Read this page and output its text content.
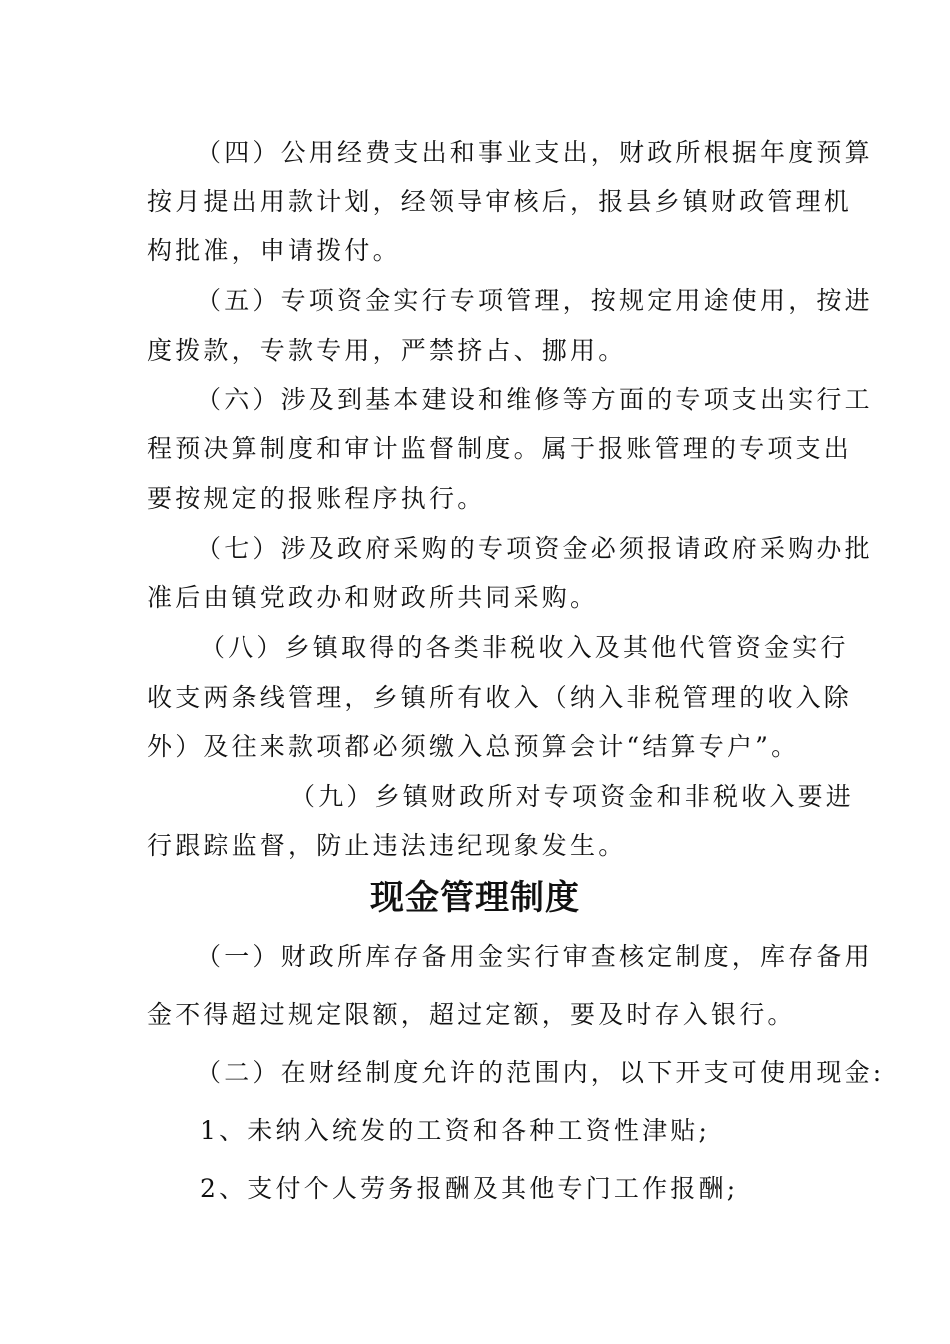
（四）公用经费支出和事业支出，财政所根据年度预算
按月提出用款计划，经领导审核后，报县乡镇财政管理机
构批准，申请拨付。
（五）专项资金实行专项管理，按规定用途使用，按进
度拨款，专款专用，严禁挤占、挪用。
（六）涉及到基本建设和维修等方面的专项支出实行工
程预决算制度和审计监督制度。属于报账管理的专项支出
要按规定的报账程序执行。
（七）涉及政府采购的专项资金必须报请政府采购办批
准后由镇党政办和财政所共同采购。
（八）乡镇取得的各类非税收入及其他代管资金实行
收支两条线管理，乡镇所有收入（纳入非税管理的收入除
外）及往来款项都必须缴入总预算会计“结算专户”。
（九）乡镇财政所对专项资金和非税收入要进
行跟踪监督，防止违法违纪现象发生。
现金管理制度
（一）财政所库存备用金实行审查核定制度，库存备用
金不得超过规定限额，超过定额，要及时存入银行。
（二）在财经制度允许的范围内，以下开支可使用现金:
1、未纳入统发的工资和各种工资性津贴;
2、支付个人劳务报酬及其他专门工作报酬;
